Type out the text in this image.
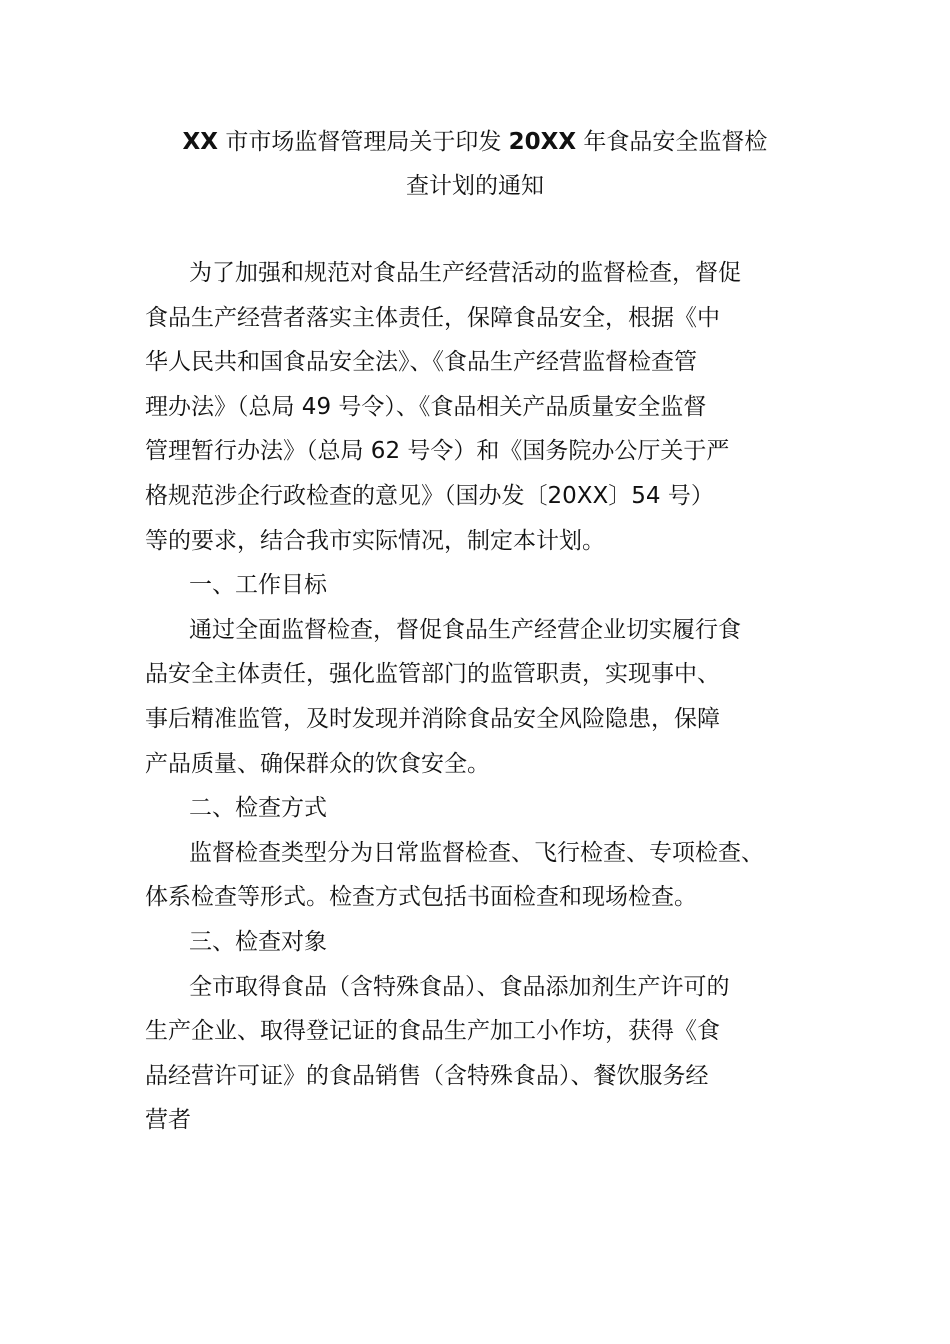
XX 市市场监督管理局关于印发 20XX 年食品安全监督检
查计划的通知
为了加强和规范对食品生产经营活动的监督检查，督促
食品生产经营者落实主体责任，保障食品安全，根据《中
华人民共和国食品安全法》、《食品生产经营监督检查管
理办法》（总局 49 号令）、《食品相关产品质量安全监督
管理暂行办法》（总局 62 号令）和《国务院办公厅关于严
格规范涉企行政检查的意见》（国办发〔20XX〕54 号）
等的要求，结合我市实际情况，制定本计划。
一、工作目标
通过全面监督检查，督促食品生产经营企业切实履行食
品安全主体责任，强化监管部门的监管职责，实现事中、
事后精准监管，及时发现并消除食品安全风险隐患，保障
产品质量、确保群众的饮食安全。
二、检查方式
监督检查类型分为日常监督检查、飞行检查、专项检查、
体系检查等形式。检查方式包括书面检查和现场检查。
三、检查对象
全市取得食品（含特殊食品）、食品添加剂生产许可的
生产企业、取得登记证的食品生产加工小作坊，获得《食
品经营许可证》的食品销售（含特殊食品）、餐饮服务经
营者
